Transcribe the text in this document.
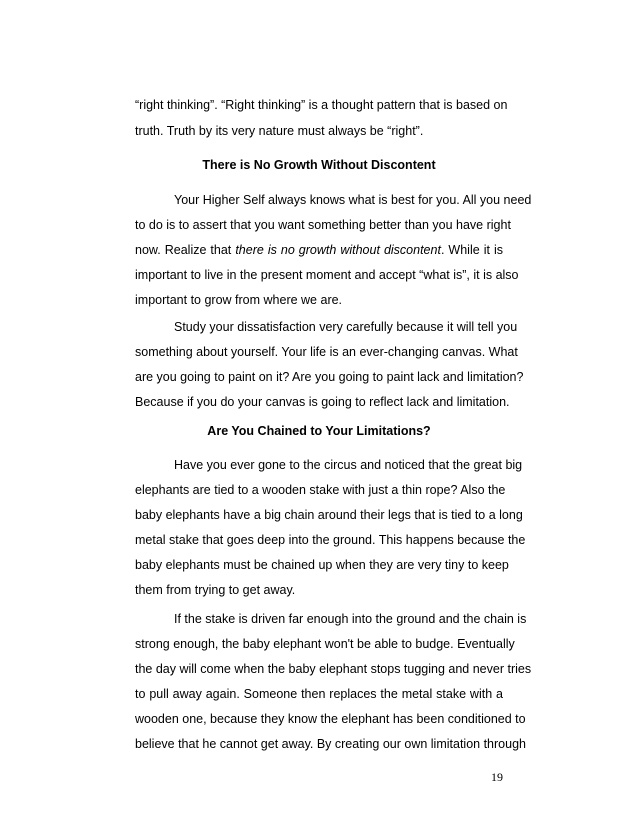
“right thinking”. “Right thinking” is a thought pattern that is based on
truth. Truth by its very nature must always be “right”.
There is No Growth Without Discontent
Your Higher Self always knows what is best for you. All you need
to do is to assert that you want something better than you have right
now. Realize that there is no growth without discontent. While it is
important to live in the present moment and accept “what is”, it is also
important to grow from where we are.
Study your dissatisfaction very carefully because it will tell you
something about yourself. Your life is an ever-changing canvas. What
are you going to paint on it? Are you going to paint lack and limitation?
Because if you do your canvas is going to reflect lack and limitation.
Are You Chained to Your Limitations?
Have you ever gone to the circus and noticed that the great big
elephants are tied to a wooden stake with just a thin rope? Also the
baby elephants have a big chain around their legs that is tied to a long
metal stake that goes deep into the ground. This happens because the
baby elephants must be chained up when they are very tiny to keep
them from trying to get away.
If the stake is driven far enough into the ground and the chain is
strong enough, the baby elephant won't be able to budge. Eventually
the day will come when the baby elephant stops tugging and never tries
to pull away again. Someone then replaces the metal stake with a
wooden one, because they know the elephant has been conditioned to
believe that he cannot get away. By creating our own limitation through
19
